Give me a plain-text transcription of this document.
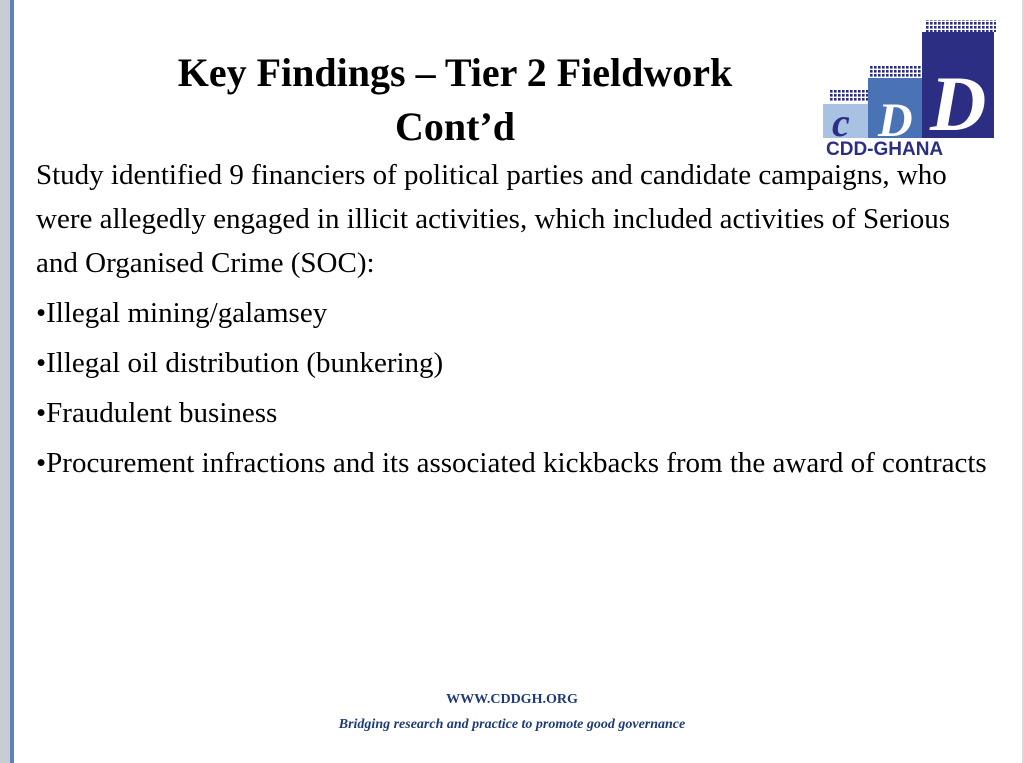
Key Findings – Tier 2 Fieldwork
Cont’d	c D D
CDD-GHANA

Study identified 9 financiers of political parties and candidate campaigns, who were allegedly engaged in illicit activities, which included activities of Serious and Organised Crime (SOC):

•Illegal mining/galamsey
•Illegal oil distribution (bunkering)
•Fraudulent business
•Procurement infractions and its associated kickbacks from the award of contracts
WWW.CDDGH.ORG
Bridging research and practice to promote good governance
